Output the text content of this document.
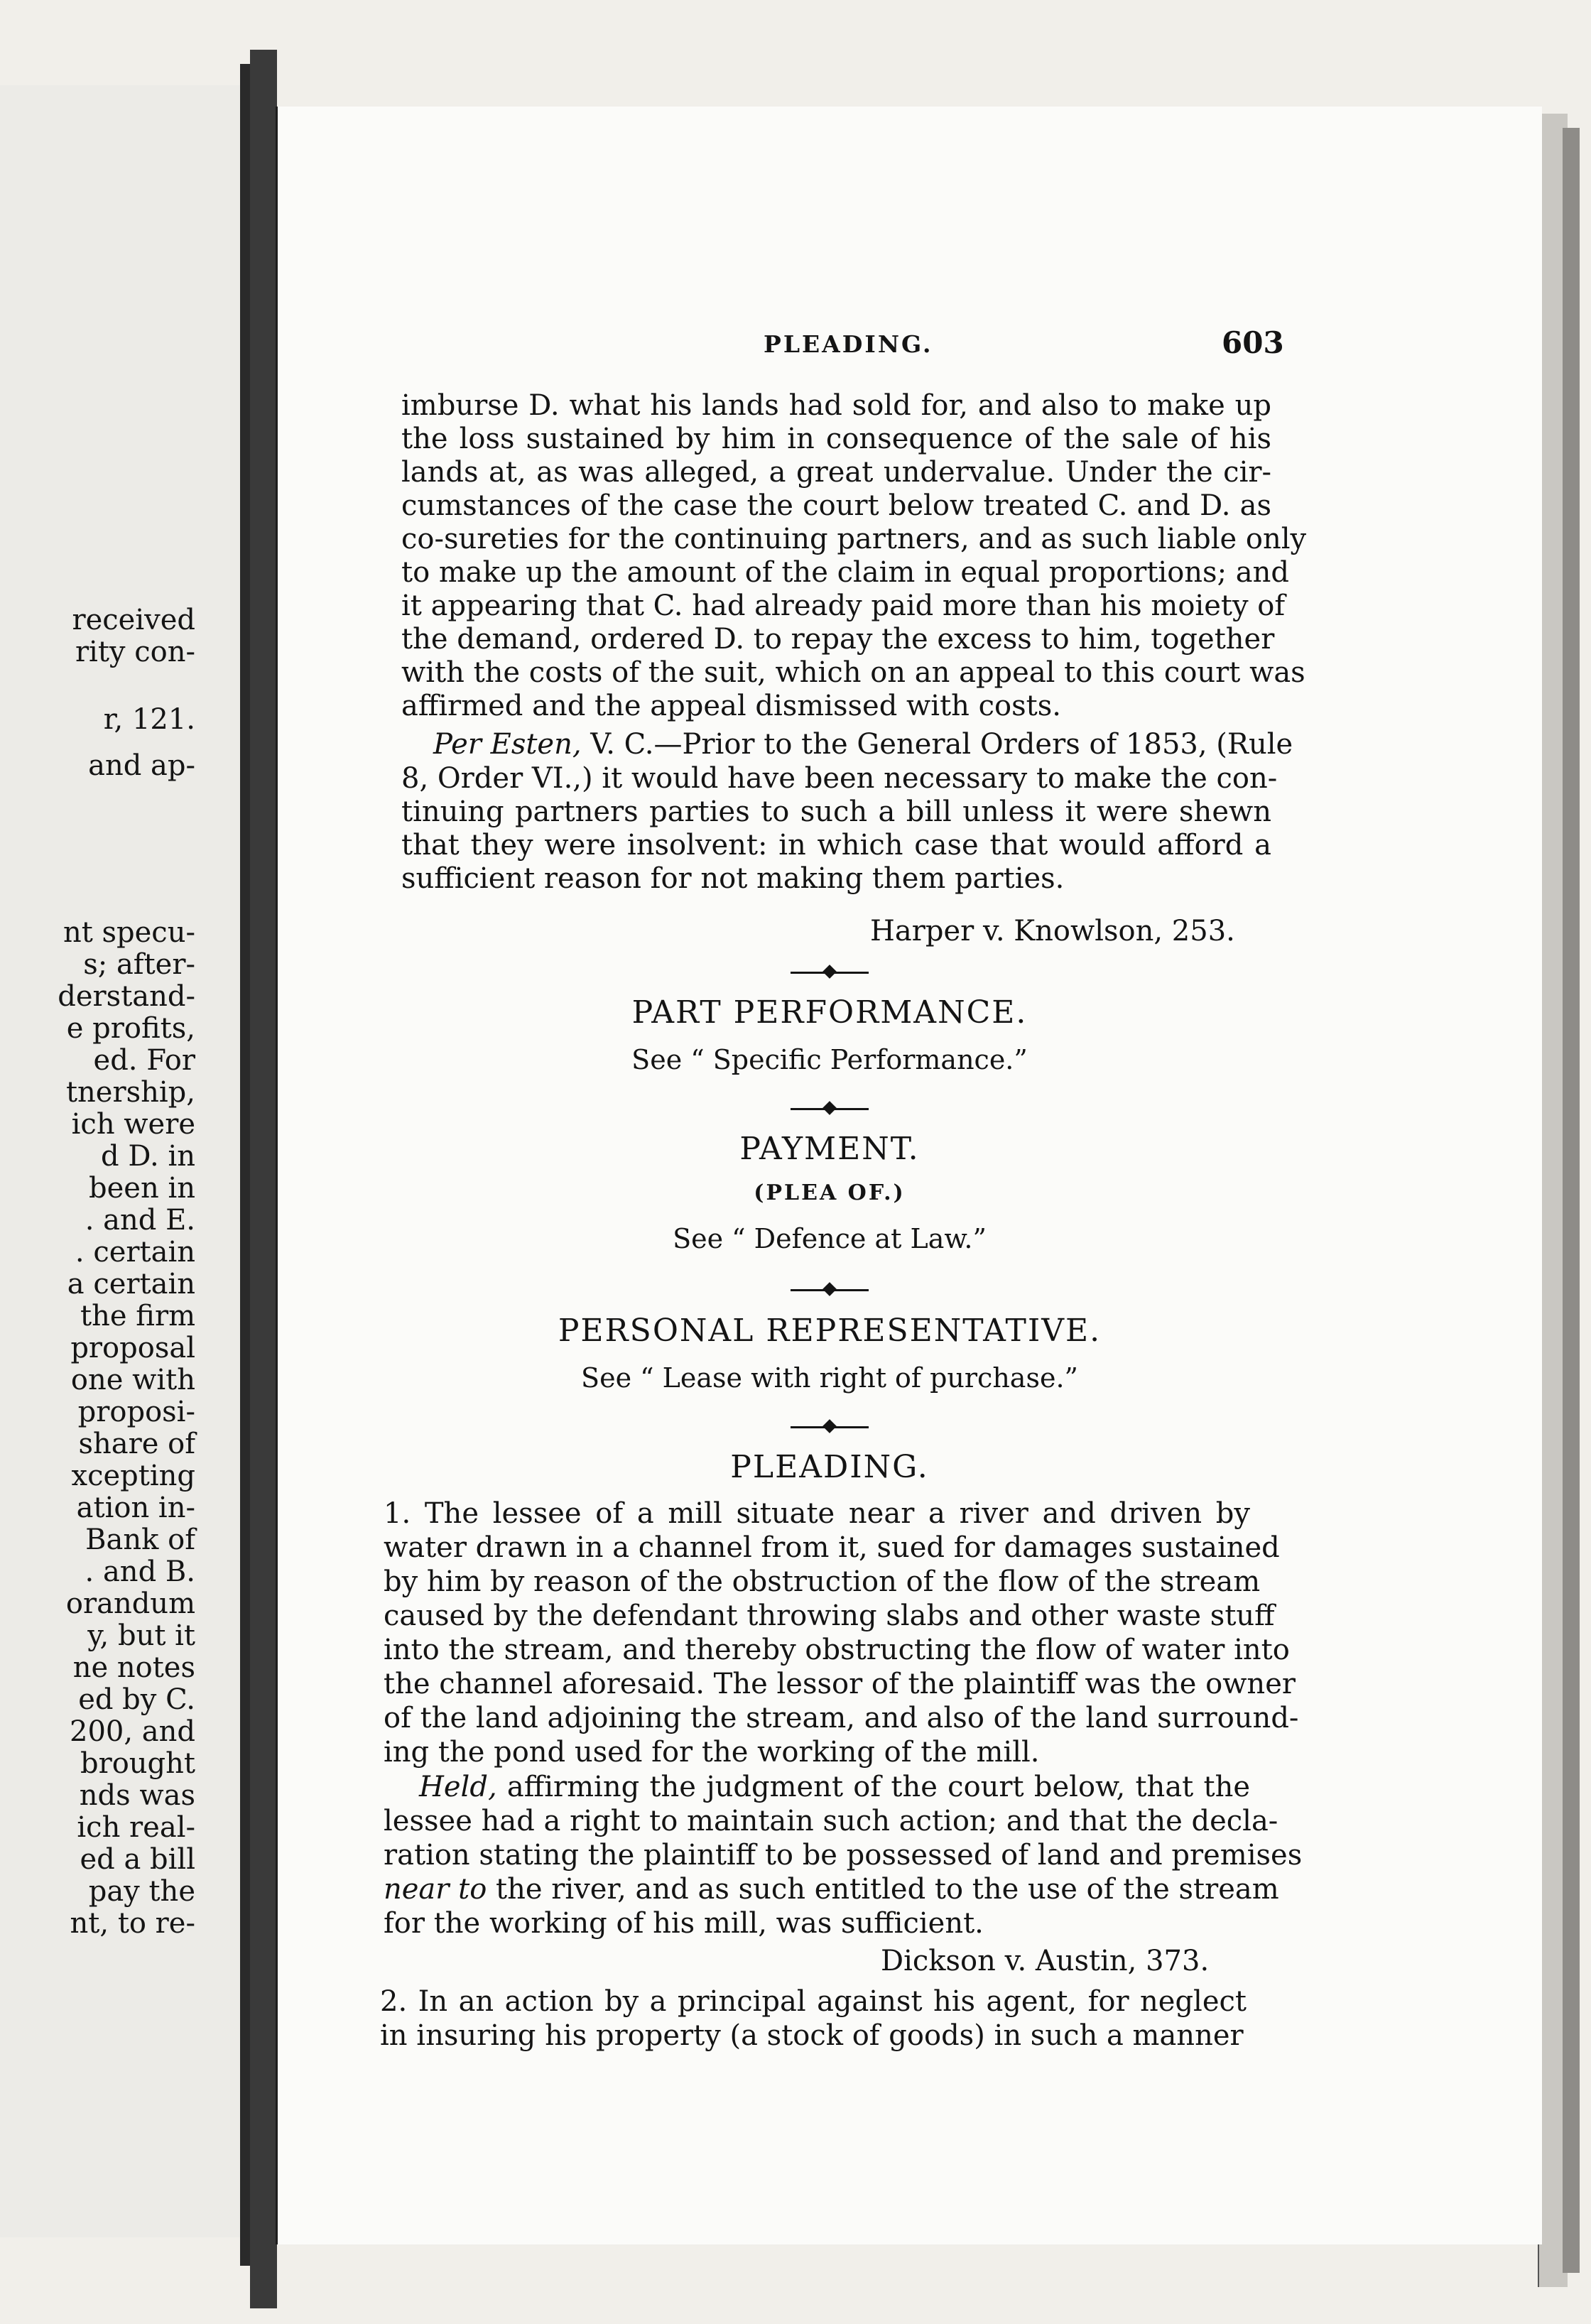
received
rity con-
r, 121.
and ap-
nt specu-
s; after-
derstand-
e profits,
ed. For
tnership,
ich were
d D. in
been in
. and E.
. certain
a certain
the firm
proposal
one with
proposi-
share of
xcepting
ation in-
Bank of
. and B.
orandum
y, but it
ne notes
ed by C.
200, and
brought
nds was
ich real-
ed a bill
pay the
nt, to re-
PLEADING.	603
imburse D. what his lands had sold for, and also to make up
the loss sustained by him in consequence of the sale of his
lands at, as was alleged, a great undervalue. Under the cir-
cumstances of the case the court below treated C. and D. as
co-sureties for the continuing partners, and as such liable only
to make up the amount of the claim in equal proportions; and
it appearing that C. had already paid more than his moiety of
the demand, ordered D. to repay the excess to him, together
with the costs of the suit, which on an appeal to this court was
affirmed and the appeal dismissed with costs.
Per Esten, V. C.—Prior to the General Orders of 1853, (Rule
8, Order VI.,) it would have been necessary to make the con-
tinuing partners parties to such a bill unless it were shewn
that they were insolvent: in which case that would afford a
sufficient reason for not making them parties.
Harper v. Knowlson, 253.
PART PERFORMANCE.
See “ Specific Performance.”
PAYMENT.
(PLEA OF.)
See “ Defence at Law.”
PERSONAL REPRESENTATIVE.
See “ Lease with right of purchase.”
PLEADING.
1. The lessee of a mill situate near a river and driven by
water drawn in a channel from it, sued for damages sustained
by him by reason of the obstruction of the flow of the stream
caused by the defendant throwing slabs and other waste stuff
into the stream, and thereby obstructing the flow of water into
the channel aforesaid. The lessor of the plaintiff was the owner
of the land adjoining the stream, and also of the land surround-
ing the pond used for the working of the mill.
Held, affirming the judgment of the court below, that the
lessee had a right to maintain such action; and that the decla-
ration stating the plaintiff to be possessed of land and premises
near to the river, and as such entitled to the use of the stream
for the working of his mill, was sufficient.
Dickson v. Austin, 373.
2. In an action by a principal against his agent, for neglect
in insuring his property (a stock of goods) in such a manner
